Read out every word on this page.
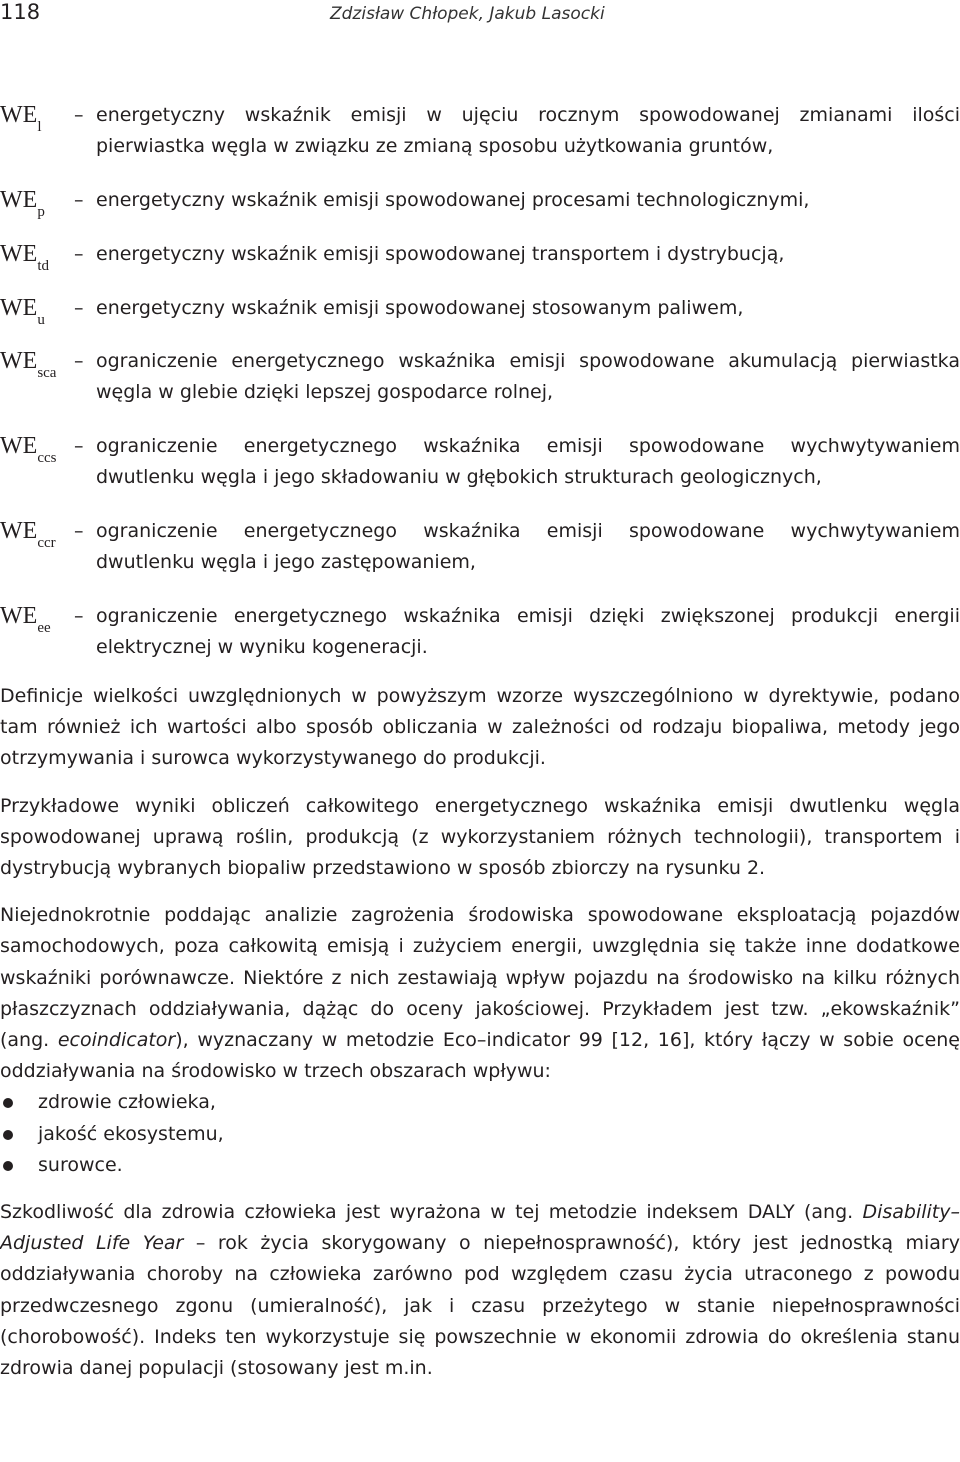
118	Zdzisław Chłopek, Jakub Lasocki
$WE_l$
– energetyczny wskaźnik emisji w ujęciu rocznym spowodowanej zmianami ilości pierwiastka węgla w związku ze zmianą sposobu użytkowania gruntów,
$WE_p$
– energetyczny wskaźnik emisji spowodowanej procesami technologicznymi,
$WE_{td}$
– energetyczny wskaźnik emisji spowodowanej transportem i dystrybucją,
$WE_u$
– energetyczny wskaźnik emisji spowodowanej stosowanym paliwem,
$WE_{sca}$
– ograniczenie energetycznego wskaźnika emisji spowodowane akumulacją pierwiastka węgla w glebie dzięki lepszej gospodarce rolnej,
$WE_{ccs}$
– ograniczenie energetycznego wskaźnika emisji spowodowane wychwytywaniem dwutlenku węgla i jego składowaniu w głębokich strukturach geologicznych,
$WE_{ccr}$
– ograniczenie energetycznego wskaźnika emisji spowodowane wychwytywaniem dwutlenku węgla i jego zastępowaniem,
$WE_{ee}$
– ograniczenie energetycznego wskaźnika emisji dzięki zwiększonej produkcji energii elektrycznej w wyniku kogeneracji.

Definicje wielkości uwzględnionych w powyższym wzorze wyszczególniono w dyrektywie, podano tam również ich wartości albo sposób obliczania w zależności od rodzaju biopaliwa, metody jego otrzymywania i surowca wykorzystywanego do produkcji.

Przykładowe wyniki obliczeń całkowitego energetycznego wskaźnika emisji dwutlenku węgla spowodowanej uprawą roślin, produkcją (z wykorzystaniem różnych technologii), transportem i dystrybucją wybranych biopaliw przedstawiono w sposób zbiorczy na rysunku 2.

Niejednokrotnie poddając analizie zagrożenia środowiska spowodowane eksploatacją pojazdów samochodowych, poza całkowitą emisją i zużyciem energii, uwzględnia się także inne dodatkowe wskaźniki porównawcze. Niektóre z nich zestawiają wpływ pojazdu na środowisko na kilku różnych płaszczyznach oddziaływania, dążąc do oceny jakościowej. Przykładem jest tzw. „ekowskaźnik” (ang. ecoindicator), wyznaczany w metodzie Eco–indicator 99 [12, 16], który łączy w sobie ocenę oddziaływania na środowisko w trzech obszarach wpływu:

zdrowie człowieka,
jakość ekosystemu,
surowce.

Szkodliwość dla zdrowia człowieka jest wyrażona w tej metodzie indeksem DALY (ang. Disability–Adjusted Life Year – rok życia skorygowany o niepełnosprawność), który jest jednostką miary oddziaływania choroby na człowieka zarówno pod względem czasu życia utraconego z powodu przedwczesnego zgonu (umieralność), jak i czasu przeżytego w stanie niepełnosprawności (chorobowość). Indeks ten wykorzystuje się powszechnie w ekonomii zdrowia do określenia stanu zdrowia danej populacji (stosowany jest m.in.
